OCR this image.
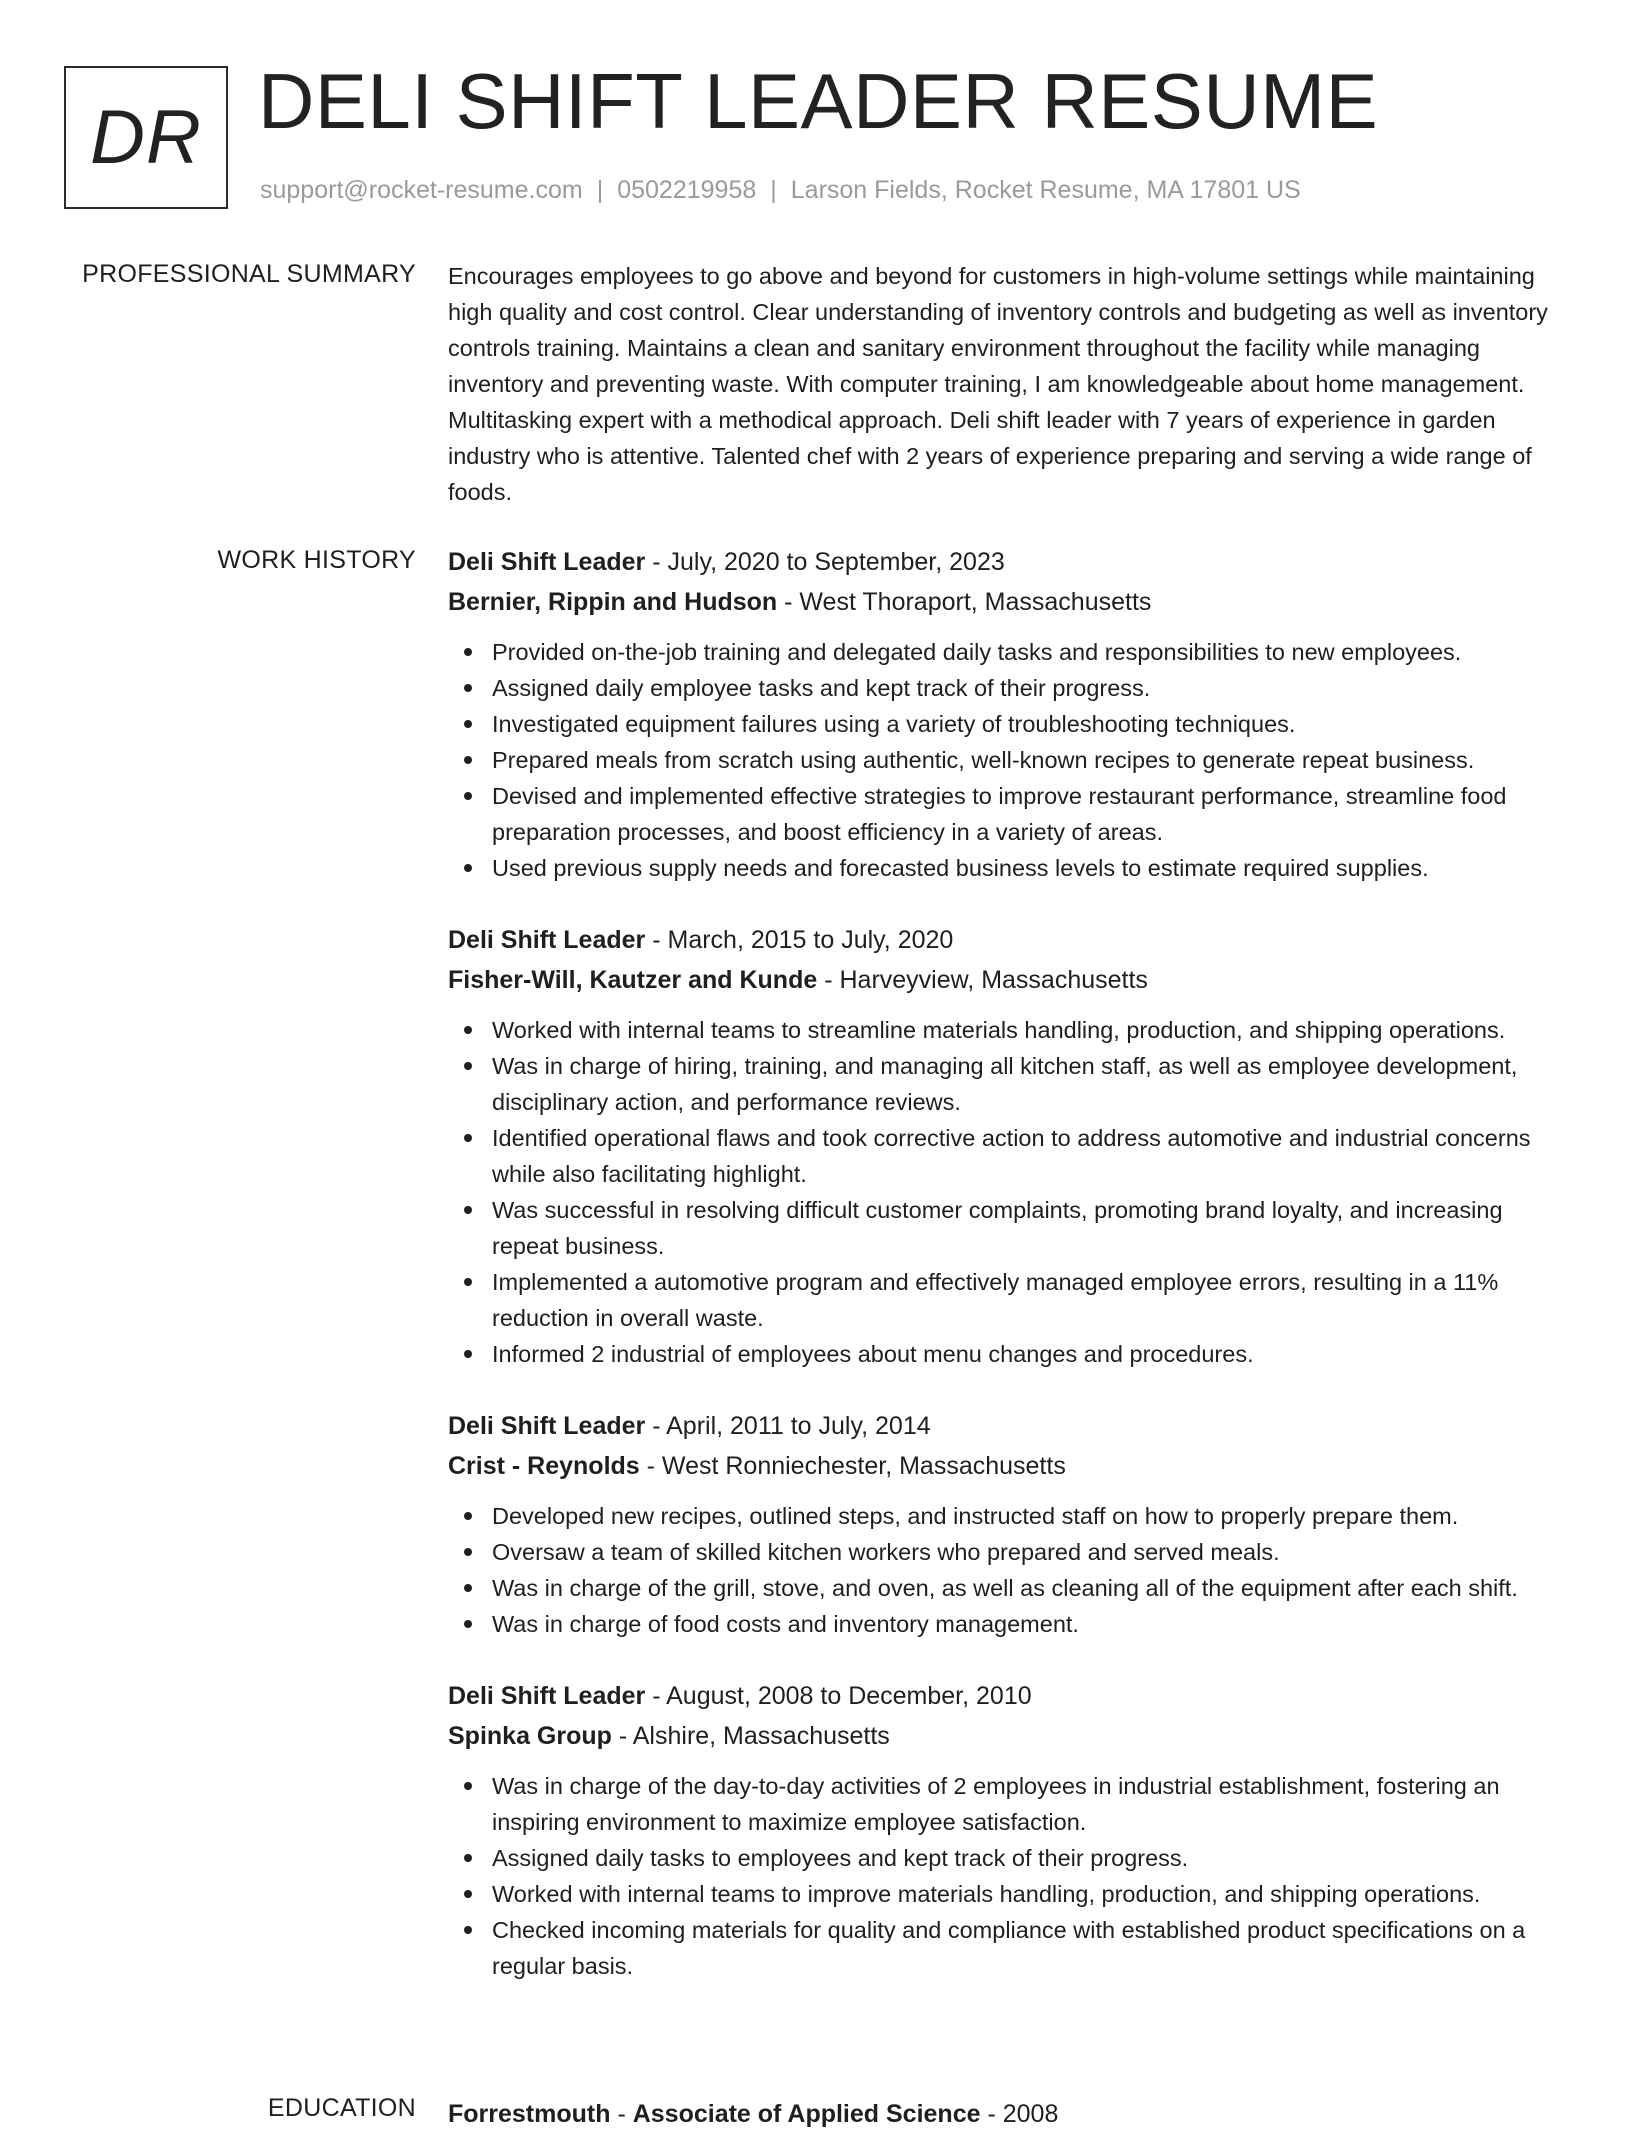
DR DELI SHIFT LEADER RESUME
support@rocket-resume.com | 0502219958 | Larson Fields, Rocket Resume, MA 17801 US
PROFESSIONAL SUMMARY Encourages employees to go above and beyond for customers in high-volume settings while maintaining high quality and cost control. Clear understanding of inventory controls and budgeting as well as inventory controls training. Maintains a clean and sanitary environment throughout the facility while managing inventory and preventing waste. With computer training, I am knowledgeable about home management. Multitasking expert with a methodical approach. Deli shift leader with 7 years of experience in garden industry who is attentive. Talented chef with 2 years of experience preparing and serving a wide range of foods.
WORK HISTORY Deli Shift Leader - July, 2020 to September, 2023
Bernier, Rippin and Hudson - West Thoraport, Massachusetts
Provided on-the-job training and delegated daily tasks and responsibilities to new employees.
Assigned daily employee tasks and kept track of their progress.
Investigated equipment failures using a variety of troubleshooting techniques.
Prepared meals from scratch using authentic, well-known recipes to generate repeat business.
Devised and implemented effective strategies to improve restaurant performance, streamline food preparation processes, and boost efficiency in a variety of areas.
Used previous supply needs and forecasted business levels to estimate required supplies.
Deli Shift Leader - March, 2015 to July, 2020
Fisher-Will, Kautzer and Kunde - Harveyview, Massachusetts
Worked with internal teams to streamline materials handling, production, and shipping operations.
Was in charge of hiring, training, and managing all kitchen staff, as well as employee development, disciplinary action, and performance reviews.
Identified operational flaws and took corrective action to address automotive and industrial concerns while also facilitating highlight.
Was successful in resolving difficult customer complaints, promoting brand loyalty, and increasing repeat business.
Implemented a automotive program and effectively managed employee errors, resulting in a 11% reduction in overall waste.
Informed 2 industrial of employees about menu changes and procedures.
Deli Shift Leader - April, 2011 to July, 2014
Crist - Reynolds - West Ronniechester, Massachusetts
Developed new recipes, outlined steps, and instructed staff on how to properly prepare them.
Oversaw a team of skilled kitchen workers who prepared and served meals.
Was in charge of the grill, stove, and oven, as well as cleaning all of the equipment after each shift.
Was in charge of food costs and inventory management.
Deli Shift Leader - August, 2008 to December, 2010
Spinka Group - Alshire, Massachusetts
Was in charge of the day-to-day activities of 2 employees in industrial establishment, fostering an inspiring environment to maximize employee satisfaction.
Assigned daily tasks to employees and kept track of their progress.
Worked with internal teams to improve materials handling, production, and shipping operations.
Checked incoming materials for quality and compliance with established product specifications on a regular basis.
EDUCATION Forrestmouth - Associate of Applied Science - 2008
